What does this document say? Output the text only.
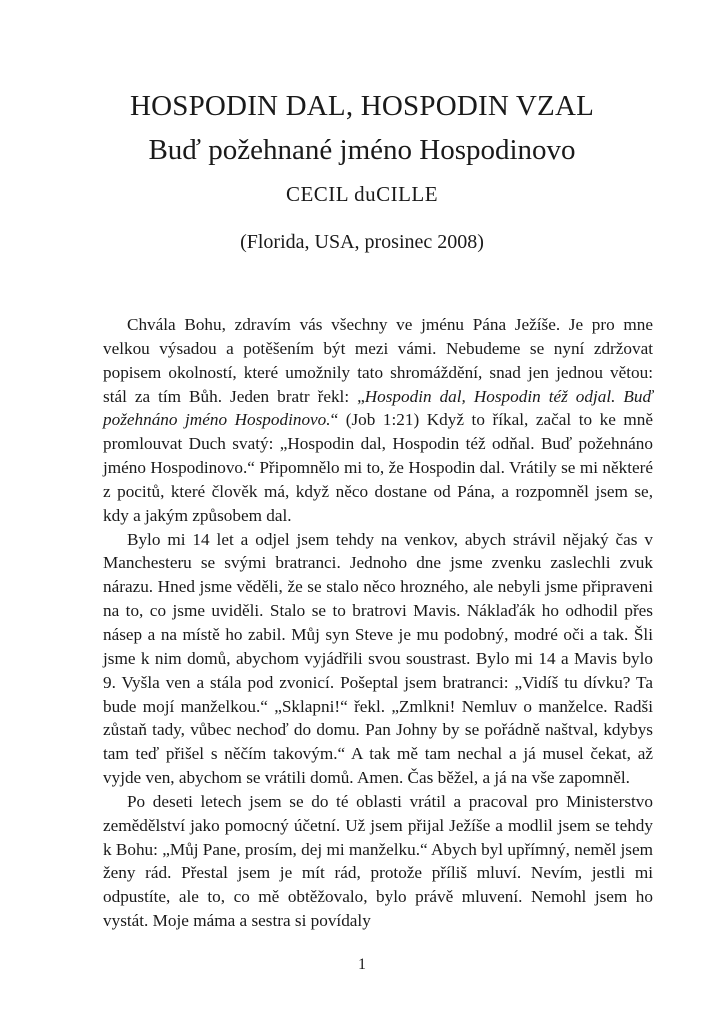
HOSPODIN DAL, HOSPODIN VZAL
Buď požehnané jméno Hospodinovo
CECIL duCILLE
(Florida, USA, prosinec 2008)

Chvála Bohu, zdravím vás všechny ve jménu Pána Ježíše. Je pro mne velkou výsadou a potěšením být mezi vámi. Nebudeme se nyní zdržovat popisem okolností, které umožnily tato shromáždění, snad jen jednou větou: stál za tím Bůh. Jeden bratr řekl: „Hospodin dal, Hospodin též odjal. Buď požehnáno jméno Hospodinovo.“ (Job 1:21) Když to říkal, začal to ke mně promlouvat Duch svatý: „Hospodin dal, Hospodin též odňal. Buď požehnáno jméno Hospodinovo.“ Připomnělo mi to, že Hospodin dal. Vrátily se mi některé z pocitů, které člověk má, když něco dostane od Pána, a rozpomněl jsem se, kdy a jakým způsobem dal.

Bylo mi 14 let a odjel jsem tehdy na venkov, abych strávil nějaký čas v Manchesteru se svými bratranci. Jednoho dne jsme zvenku zaslechli zvuk nárazu. Hned jsme věděli, že se stalo něco hrozného, ale nebyli jsme připraveni na to, co jsme uviděli. Stalo se to bratrovi Mavis. Náklaďák ho odhodil přes násep a na místě ho zabil. Můj syn Steve je mu podobný, modré oči a tak. Šli jsme k nim domů, abychom vyjádřili svou soustrast. Bylo mi 14 a Mavis bylo 9. Vyšla ven a stála pod zvonicí. Pošeptal jsem bratranci: „Vidíš tu dívku? Ta bude mojí manželkou.“ „Sklapni!“ řekl. „Zmlkni! Nemluv o manželce. Radši zůstaň tady, vůbec nechoď do domu. Pan Johny by se pořádně naštval, kdybys tam teď přišel s něčím takovým.“ A tak mě tam nechal a já musel čekat, až vyjde ven, abychom se vrátili domů. Amen. Čas běžel, a já na vše zapomněl.

Po deseti letech jsem se do té oblasti vrátil a pracoval pro Ministerstvo zemědělství jako pomocný účetní. Už jsem přijal Ježíše a modlil jsem se tehdy k Bohu: „Můj Pane, prosím, dej mi manželku.“ Abych byl upřímný, neměl jsem ženy rád. Přestal jsem je mít rád, protože příliš mluví. Nevím, jestli mi odpustíte, ale to, co mě obtěžovalo, bylo právě mluvení. Nemohl jsem ho vystát. Moje máma a sestra si povídaly

1
